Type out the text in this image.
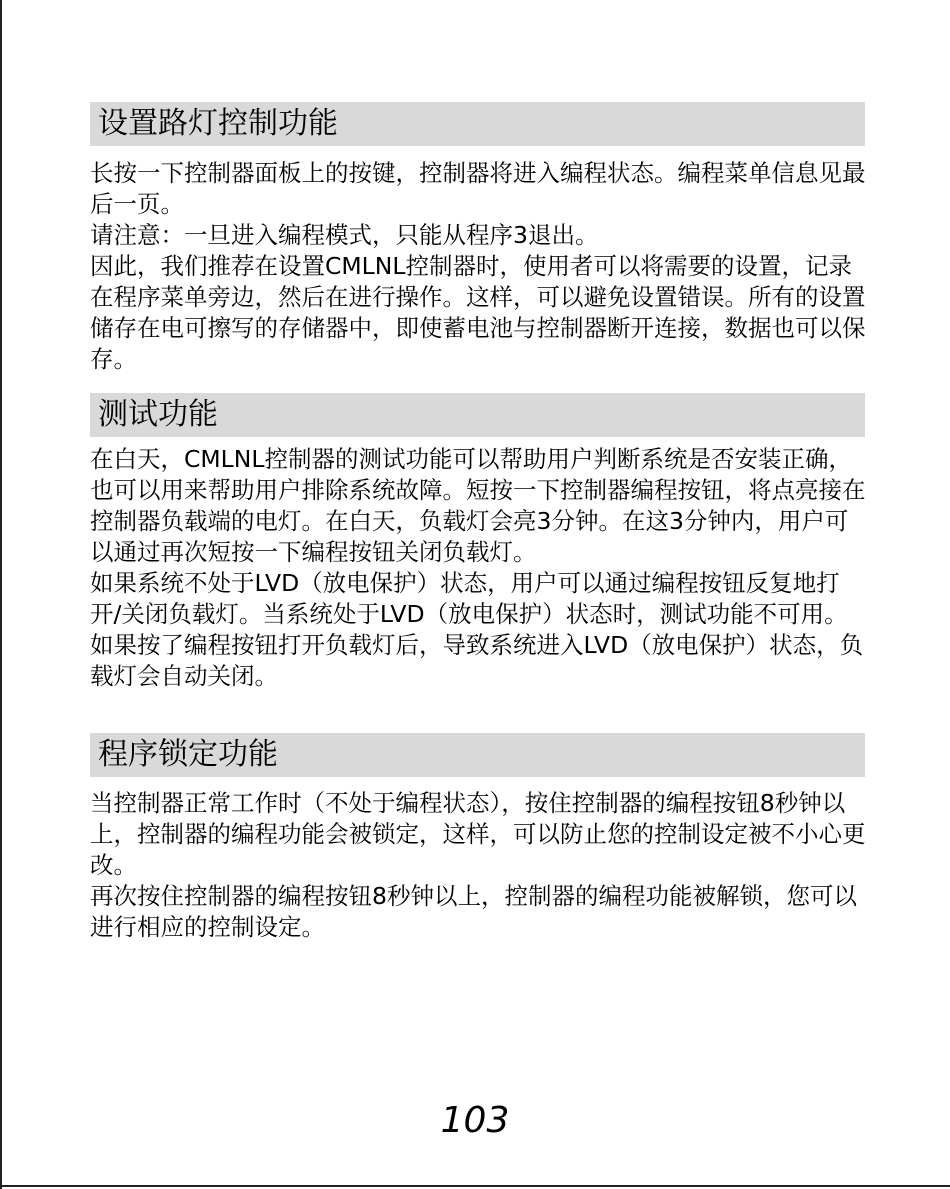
设置路灯控制功能

长按一下控制器面板上的按键，控制器将进入编程状态。编程菜单信息见最后一页。

请注意：一旦进入编程模式，只能从程序3退出。

因此，我们推荐在设置CMLNL控制器时，使用者可以将需要的设置，记录在程序菜单旁边，然后在进行操作。这样，可以避免设置错误。所有的设置储存在电可擦写的存储器中，即使蓄电池与控制器断开连接，数据也可以保存。

测试功能

在白天，CMLNL控制器的测试功能可以帮助用户判断系统是否安装正确，也可以用来帮助用户排除系统故障。短按一下控制器编程按钮，将点亮接在控制器负载端的电灯。在白天，负载灯会亮3分钟。在这3分钟内，用户可以通过再次短按一下编程按钮关闭负载灯。

如果系统不处于LVD（放电保护）状态，用户可以通过编程按钮反复地打开/关闭负载灯。当系统处于LVD（放电保护）状态时，测试功能不可用。

如果按了编程按钮打开负载灯后，导致系统进入LVD（放电保护）状态，负载灯会自动关闭。

程序锁定功能

当控制器正常工作时（不处于编程状态），按住控制器的编程按钮8秒钟以上，控制器的编程功能会被锁定，这样，可以防止您的控制设定被不小心更改。

再次按住控制器的编程按钮8秒钟以上，控制器的编程功能被解锁，您可以进行相应的控制设定。

103
